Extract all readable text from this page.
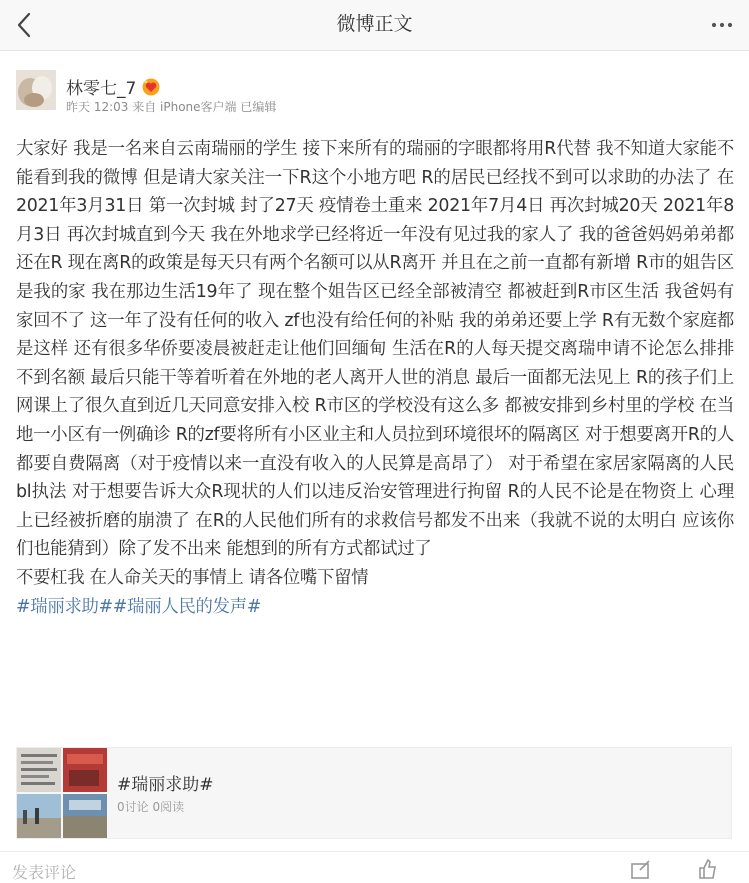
微博正文
林零七_7
昨天 12:03 来自 iPhone客户端 已编辑

大家好 我是一名来自云南瑞丽的学生 接下来所有的瑞丽的字眼都将用R代替 我不知道大家能不能看到我的微博 但是请大家关注一下R这个小地方吧 R的居民已经找不到可以求助的办法了 在2021年3月31日 第一次封城 封了27天 疫情卷土重来 2021年7月4日 再次封城20天 2021年8月3日 再次封城直到今天 我在外地求学已经将近一年没有见过我的家人了 我的爸爸妈妈弟弟都还在R 现在离R的政策是每天只有两个名额可以从R离开 并且在之前一直都有新增 R市的姐告区 是我的家 我在那边生活19年了 现在整个姐告区已经全部被清空 都被赶到R市区生活 我爸妈有家回不了 这一年了没有任何的收入 zf也没有给任何的补贴 我的弟弟还要上学 R有无数个家庭都是这样 还有很多华侨要凌晨被赶走让他们回缅甸 生活在R的人每天提交离瑞申请不论怎么排排不到名额 最后只能干等着听着在外地的老人离开人世的消息 最后一面都无法见上 R的孩子们上网课上了很久直到近几天同意安排入校 R市区的学校没有这么多 都被安排到乡村里的学校 在当地一小区有一例确诊 R的zf要将所有小区业主和人员拉到环境很坏的隔离区 对于想要离开R的人都要自费隔离（对于疫情以来一直没有收入的人民算是高昂了） 对于希望在家居家隔离的人民bl执法 对于想要告诉大众R现状的人们以违反治安管理进行拘留 R的人民不论是在物资上 心理上已经被折磨的崩溃了 在R的人民他们所有的求救信号都发不出来（我就不说的太明白 应该你们也能猜到）除了发不出来 能想到的所有方式都试过了

不要杠我 在人命关天的事情上 请各位嘴下留情

#瑞丽求助##瑞丽人民的发声#

#瑞丽求助#
0讨论 0阅读
发表评论
